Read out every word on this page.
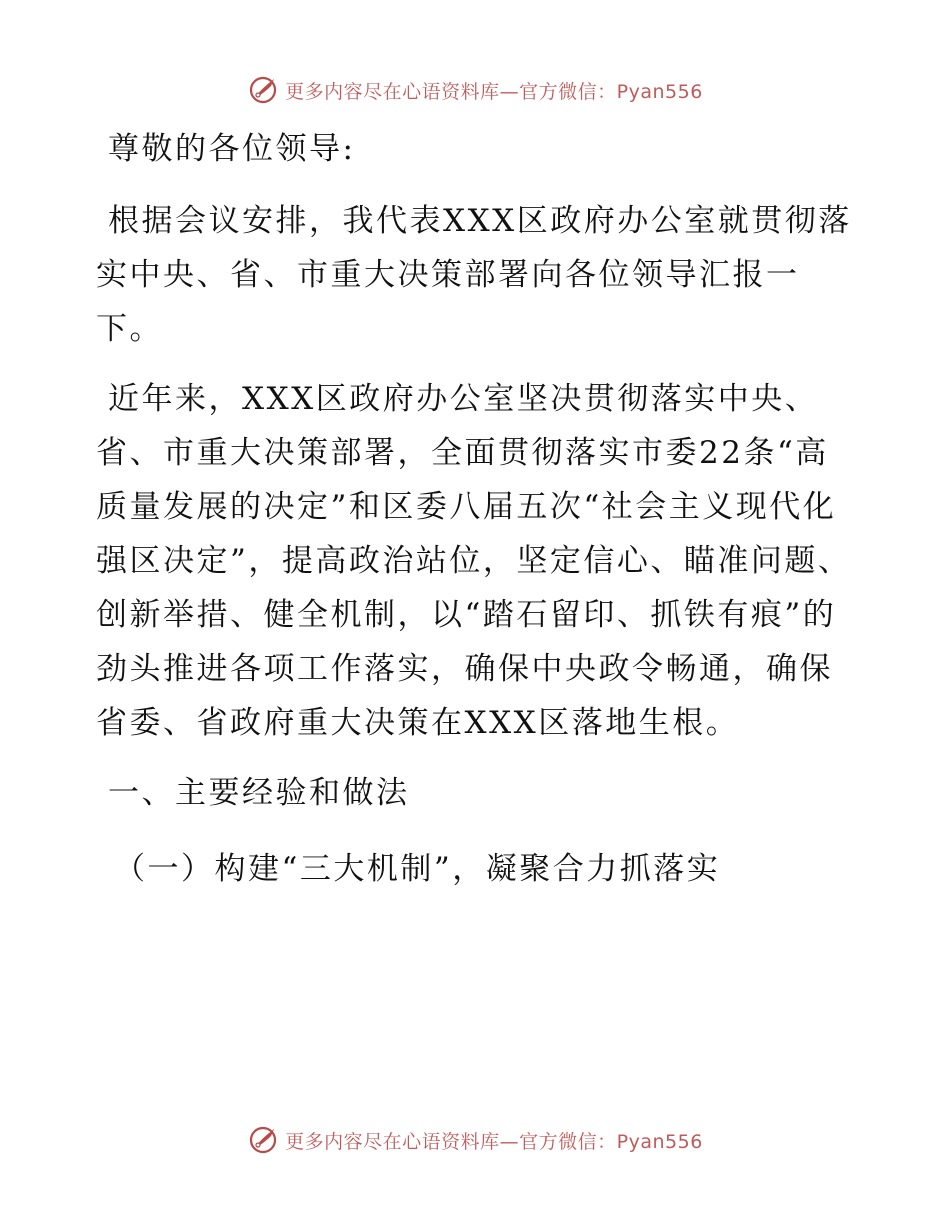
更多内容尽在心语资料库—官方微信：Pyan556

尊敬的各位领导:

根据会议安排，我代表XXX区政府办公室就贯彻落实中央、省、市重大决策部署向各位领导汇报一下。

近年来，XXX区政府办公室坚决贯彻落实中央、省、市重大决策部署，全面贯彻落实市委22条“高质量发展的决定”和区委八届五次“社会主义现代化强区决定”，提高政治站位，坚定信心、瞄准问题、创新举措、健全机制，以“踏石留印、抓铁有痕”的劲头推进各项工作落实，确保中央政令畅通，确保省委、省政府重大决策在XXX区落地生根。

一、主要经验和做法

（一）构建“三大机制”，凝聚合力抓落实

更多内容尽在心语资料库—官方微信：Pyan556
